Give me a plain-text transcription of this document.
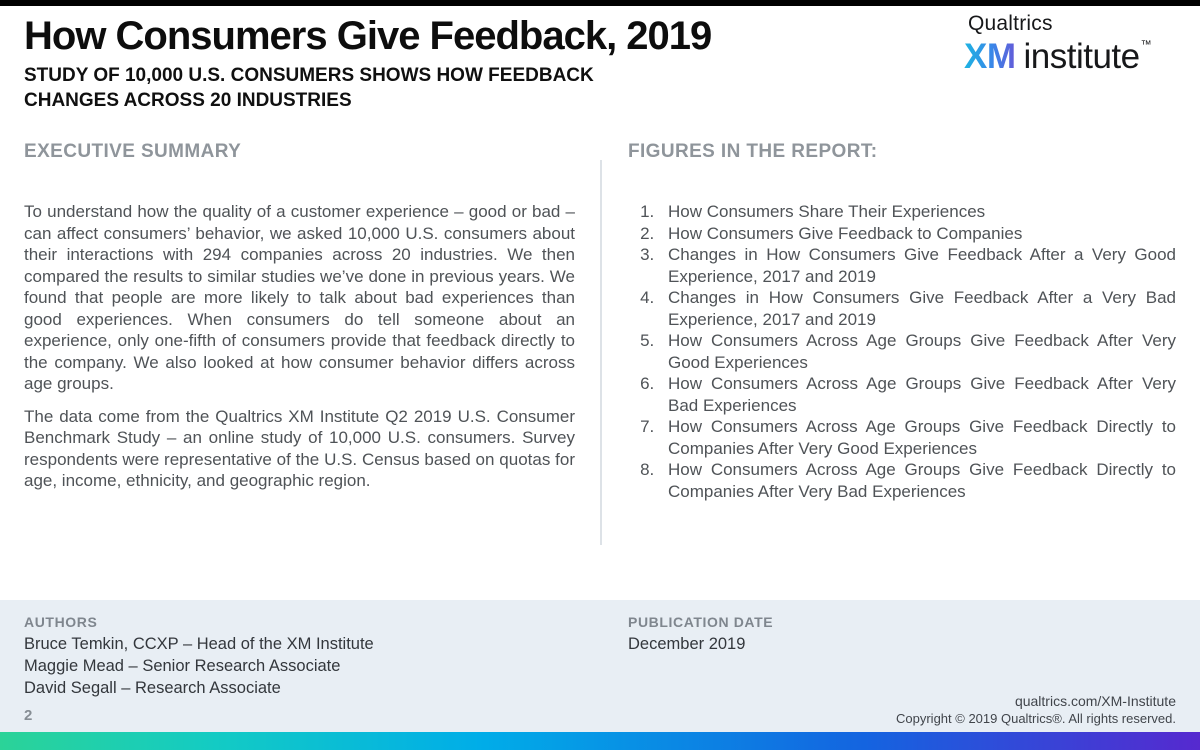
How Consumers Give Feedback, 2019
STUDY OF 10,000 U.S. CONSUMERS SHOWS HOW FEEDBACK
CHANGES ACROSS 20 INDUSTRIES
Qualtrics
XM institute™
EXECUTIVE SUMMARY

To understand how the quality of a customer experience – good or bad – can affect consumers’ behavior, we asked 10,000 U.S. consumers about their interactions with 294 companies across 20 industries. We then compared the results to similar studies we’ve done in previous years. We found that people are more likely to talk about bad experiences than good experiences. When consumers do tell someone about an experience, only one-fifth of consumers provide that feedback directly to the company. We also looked at how consumer behavior differs across age groups.

The data come from the Qualtrics XM Institute Q2 2019 U.S. Consumer Benchmark Study – an online study of 10,000 U.S. consumers. Survey respondents were representative of the U.S. Census based on quotas for age, income, ethnicity, and geographic region.

FIGURES IN THE REPORT:
1. How Consumers Share Their Experiences
2. How Consumers Give Feedback to Companies
3. Changes in How Consumers Give Feedback After a Very Good Experience, 2017 and 2019
4. Changes in How Consumers Give Feedback After a Very Bad Experience, 2017 and 2019
5. How Consumers Across Age Groups Give Feedback After Very Good Experiences
6. How Consumers Across Age Groups Give Feedback After Very Bad Experiences
7. How Consumers Across Age Groups Give Feedback Directly to Companies After Very Good Experiences
8. How Consumers Across Age Groups Give Feedback Directly to Companies After Very Bad Experiences
AUTHORS
Bruce Temkin, CCXP – Head of the XM Institute
Maggie Mead – Senior Research Associate
David Segall – Research Associate
PUBLICATION DATE
December 2019
2
qualtrics.com/XM-Institute
Copyright © 2019 Qualtrics®. All rights reserved.
